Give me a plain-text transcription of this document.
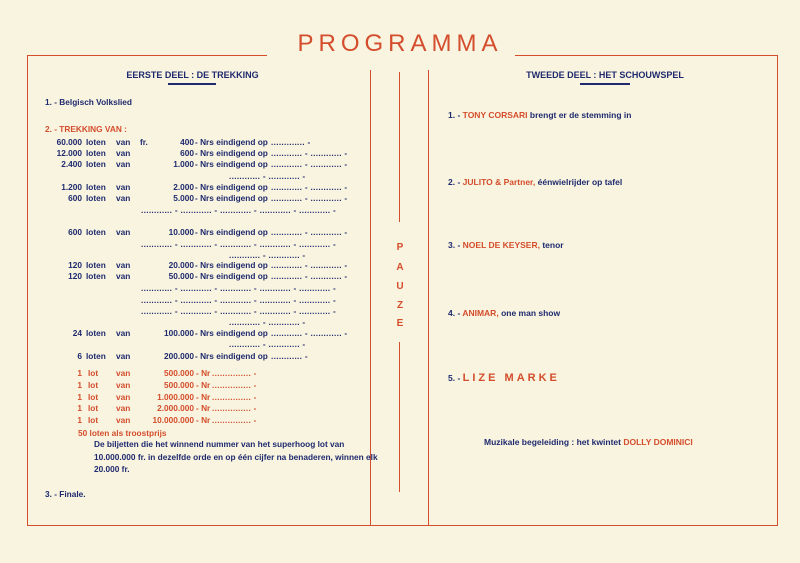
PROGRAMMA
EERSTE DEEL : DE TREKKING	TWEEDE DEEL : HET SCHOUWSPEL
1. - Belgisch Volkslied
2. - TREKKING VAN :
60.000 loten van fr.	400 - Nrs eindigend op ............. -
12.000 loten van	600 - Nrs eindigend op ............ - ............ -
2.400 loten van	1.000 - Nrs eindigend op ............ - ............ -
............ - ............ -
1.200 loten van	2.000 - Nrs eindigend op ............ - ............ -
600 loten van	5.000 - Nrs eindigend op ............ - ............ -
............ - ............ - ............ - ............ - ............ -
600 loten van	10.000 - Nrs eindigend op ............ - ............ -
............ - ............ - ............ - ............ - ............ -
............ - ............ -
120 loten van	20.000 - Nrs eindigend op ............ - ............ -
120 loten van	50.000 - Nrs eindigend op ............ - ............ -
............ - ............ - ............ - ............ - ............ -
............ - ............ - ............ - ............ - ............ -
............ - ............ - ............ - ............ - ............ -
............ - ............ -
24 loten van	100.000 - Nrs eindigend op ............ - ............ -
............ - ............ -
6 loten van	200.000 - Nrs eindigend op ............ -
1 lot van	500.000 - Nr ............... -
1 lot van	500.000 - Nr ............... -
1 lot van	1.000.000 - Nr ............... -
1 lot van	2.000.000 - Nr ............... -
1 lot van	10.000.000 - Nr ............... -
50 loten als troostprijs
De biljetten die het winnend nummer van het superhoog lot van 10.000.000 fr. in dezelfde orde en op één cijfer na benaderen, winnen elk 20.000 fr.
3. - Finale.
P
A
U
Z
E
1. - TONY CORSARI brengt er de stemming in
2. - JULITO & Partner, éénwielrijder op tafel
3. - NOEL DE KEYSER, tenor
4. - ANIMAR, one man show
5. - LIZE MARKE
Muzikale begeleiding : het kwintet DOLLY DOMINICI
